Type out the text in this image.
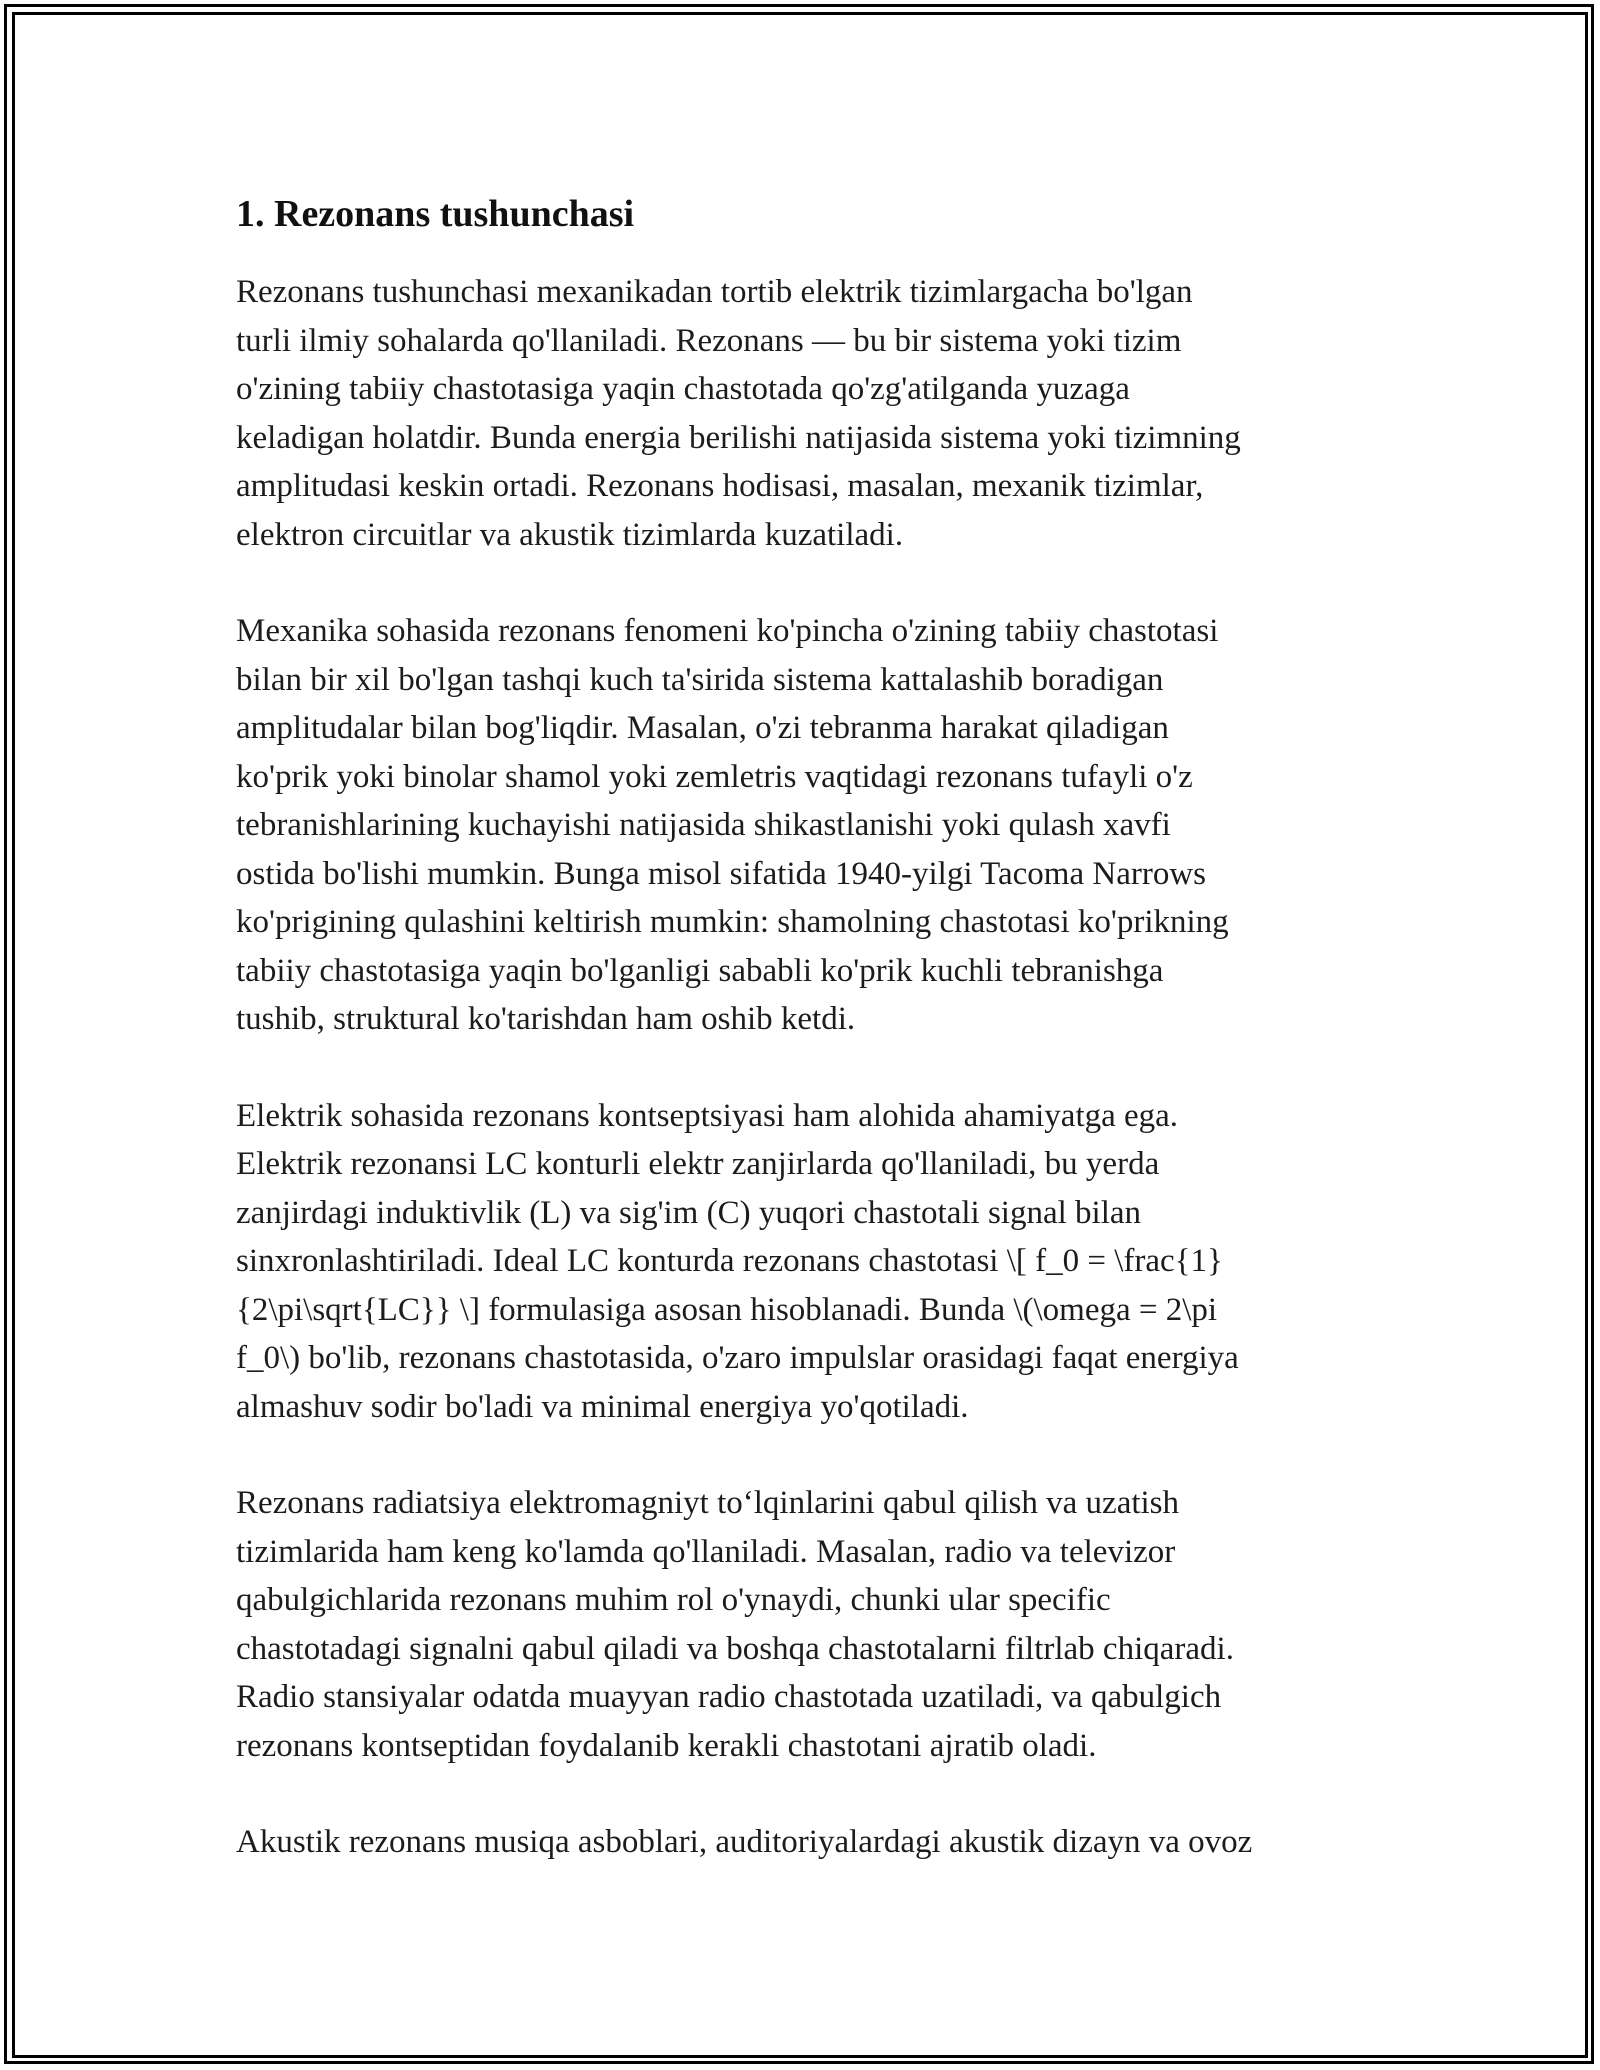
1. Rezonans tushunchasi

Rezonans tushunchasi mexanikadan tortib elektrik tizimlargacha bo'lgan
turli ilmiy sohalarda qo'llaniladi. Rezonans — bu bir sistema yoki tizim
o'zining tabiiy chastotasiga yaqin chastotada qo'zg'atilganda yuzaga
keladigan holatdir. Bunda energia berilishi natijasida sistema yoki tizimning
amplitudasi keskin ortadi. Rezonans hodisasi, masalan, mexanik tizimlar,
elektron circuitlar va akustik tizimlarda kuzatiladi.

Mexanika sohasida rezonans fenomeni ko'pincha o'zining tabiiy chastotasi
bilan bir xil bo'lgan tashqi kuch ta'sirida sistema kattalashib boradigan
amplitudalar bilan bog'liqdir. Masalan, o'zi tebranma harakat qiladigan
ko'prik yoki binolar shamol yoki zemletris vaqtidagi rezonans tufayli o'z
tebranishlarining kuchayishi natijasida shikastlanishi yoki qulash xavfi
ostida bo'lishi mumkin. Bunga misol sifatida 1940-yilgi Tacoma Narrows
ko'prigining qulashini keltirish mumkin: shamolning chastotasi ko'prikning
tabiiy chastotasiga yaqin bo'lganligi sababli ko'prik kuchli tebranishga
tushib, struktural ko'tarishdan ham oshib ketdi.

Elektrik sohasida rezonans kontseptsiyasi ham alohida ahamiyatga ega.
Elektrik rezonansi LC konturli elektr zanjirlarda qo'llaniladi, bu yerda
zanjirdagi induktivlik (L) va sig'im (C) yuqori chastotali signal bilan
sinxronlashtiriladi. Ideal LC konturda rezonans chastotasi \[ f_0 = \frac{1}
{2\pi\sqrt{LC}} \] formulasiga asosan hisoblanadi. Bunda \(\omega = 2\pi
f_0\) bo'lib, rezonans chastotasida, o'zaro impulslar orasidagi faqat energiya
almashuv sodir bo'ladi va minimal energiya yo'qotiladi.

Rezonans radiatsiya elektromagniyt to‘lqinlarini qabul qilish va uzatish
tizimlarida ham keng ko'lamda qo'llaniladi. Masalan, radio va televizor
qabulgichlarida rezonans muhim rol o'ynaydi, chunki ular specific
chastotadagi signalni qabul qiladi va boshqa chastotalarni filtrlab chiqaradi.
Radio stansiyalar odatda muayyan radio chastotada uzatiladi, va qabulgich
rezonans kontseptidan foydalanib kerakli chastotani ajratib oladi.

Akustik rezonans musiqa asboblari, auditoriyalardagi akustik dizayn va ovoz
